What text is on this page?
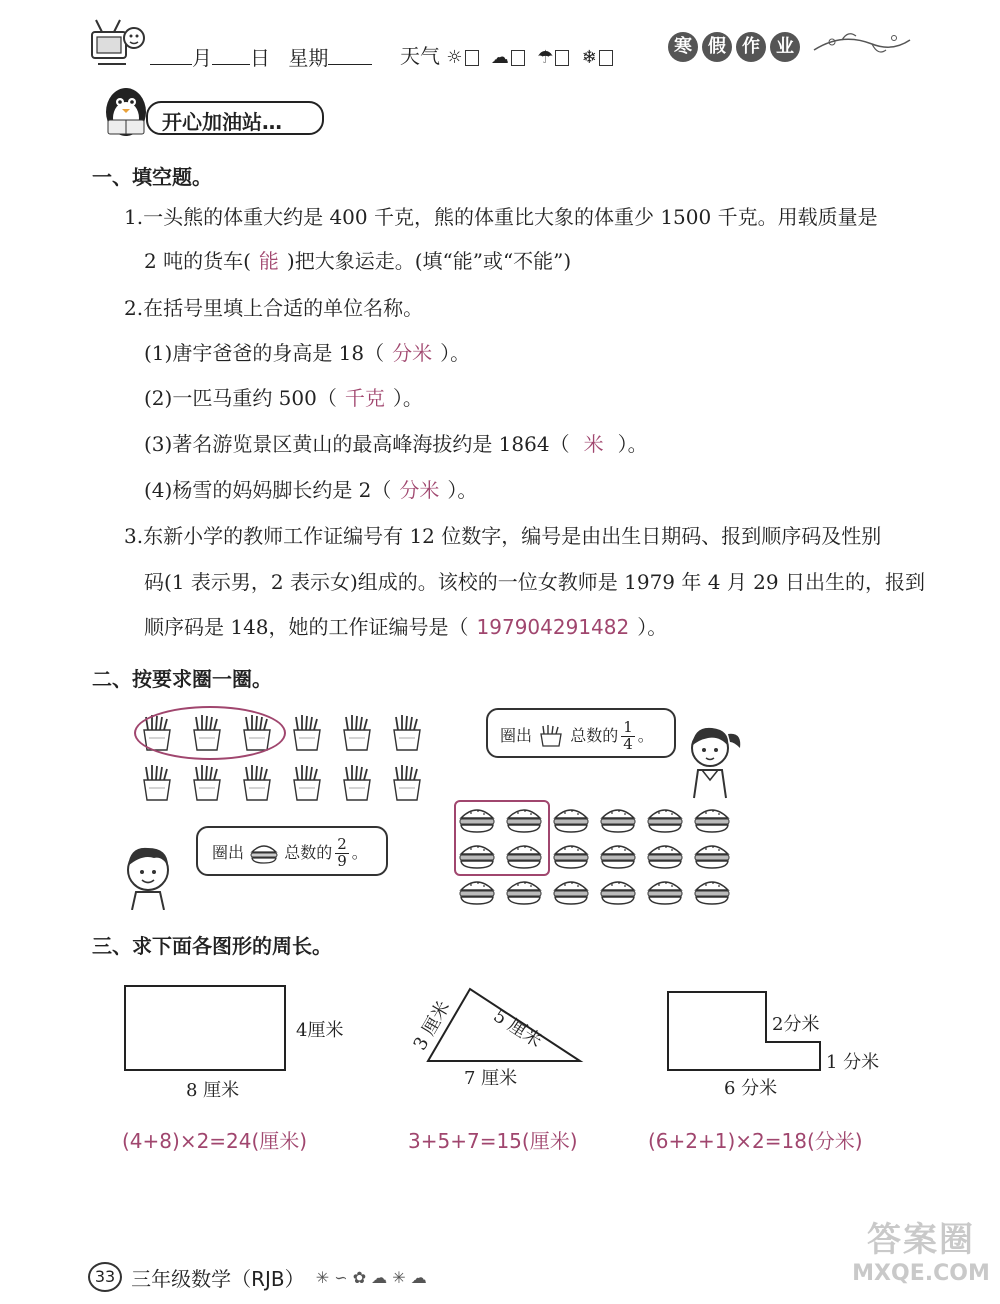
月 日 星期	天气 ☼ ☁ ☂ ❄
寒 假 作 业
开心加油站…
一、填空题。
1.一头熊的体重大约是 400 千克，熊的体重比大象的体重少 1500 千克。用载质量是
2 吨的货车( 能 )把大象运走。(填“能”或“不能”)
2.在括号里填上合适的单位名称。
(1)唐宇爸爸的身高是 18（ 分米 ）。
(2)一匹马重约 500（ 千克 ）。
(3)著名游览景区黄山的最高峰海拔约是 1864（ 米 ）。
(4)杨雪的妈妈脚长约是 2（ 分米 ）。
3.东新小学的教师工作证编号有 12 位数字，编号是由出生日期码、报到顺序码及性别
码(1 表示男，2 表示女)组成的。该校的一位女教师是 1979 年 4 月 29 日出生的，报到
顺序码是 148，她的工作证编号是（ 197904291482 ）。
二、按要求圈一圈。
圈出 总数的 $\frac{1}{4}$ 。
圈出	总数的 $\frac{2}{9}$ 。
三、求下面各图形的周长。
4厘米
8 厘米
(4+8)×2=24(厘米)
3 厘米 5 厘米
7 厘米
3+5+7=15(厘米)
2分米
1 分米
6 分米
(6+2+1)×2=18(分米)
33 三年级数学（RJB） ✳ ∽ ✿ ☁ ✳ ☁
答案圈
MXQE.COM
